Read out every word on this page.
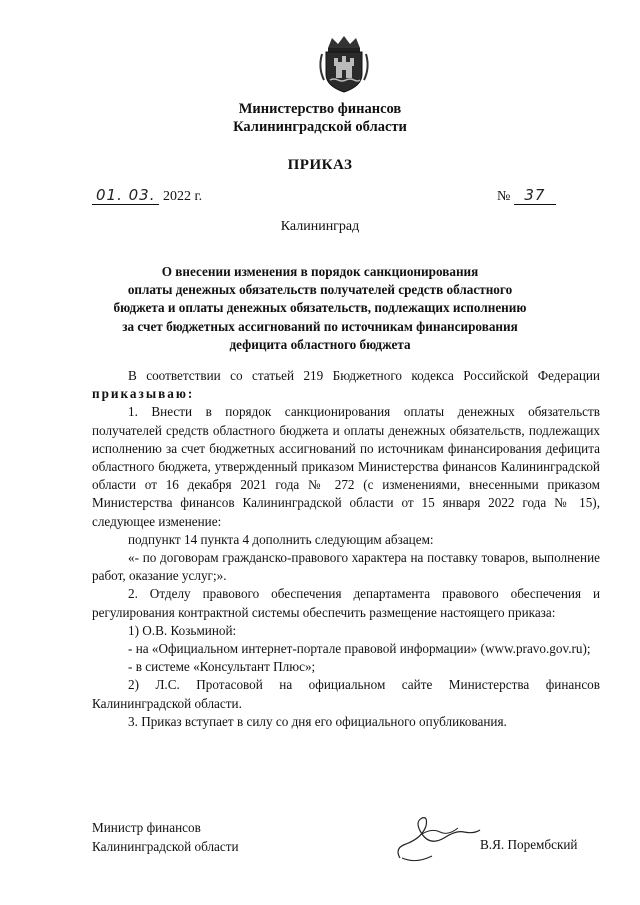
Министерство финансов
Калининградской области
ПРИКАЗ
01. 03. 2022 г.	№ 37
Калининград
О внесении изменения в порядок санкционирования
оплаты денежных обязательств получателей средств областного
бюджета и оплаты денежных обязательств, подлежащих исполнению
за счет бюджетных ассигнований по источникам финансирования
дефицита областного бюджета

В соответствии со статьей 219 Бюджетного кодекса Российской Федерации приказываю:

1. Внести в порядок санкционирования оплаты денежных обязательств получателей средств областного бюджета и оплаты денежных обязательств, подлежащих исполнению за счет бюджетных ассигнований по источникам финансирования дефицита областного бюджета, утвержденный приказом Министерства финансов Калининградской области от 16 декабря 2021 года № 272 (с изменениями, внесенными приказом Министерства финансов Калининградской области от 15 января 2022 года № 15), следующее изменение:

подпункт 14 пункта 4 дополнить следующим абзацем:

«- по договорам гражданско-правового характера на поставку товаров, выполнение работ, оказание услуг;».

2. Отделу правового обеспечения департамента правового обеспечения и регулирования контрактной системы обеспечить размещение настоящего приказа:

1) О.В. Козьминой:

- на «Официальном интернет-портале правовой информации» (www.pravo.gov.ru);

- в системе «Консультант Плюс»;

2) Л.С. Протасовой на официальном сайте Министерства финансов Калининградской области.

3. Приказ вступает в силу со дня его официального опубликования.

Министр финансов
Калининградской области	В.Я. Порембский
